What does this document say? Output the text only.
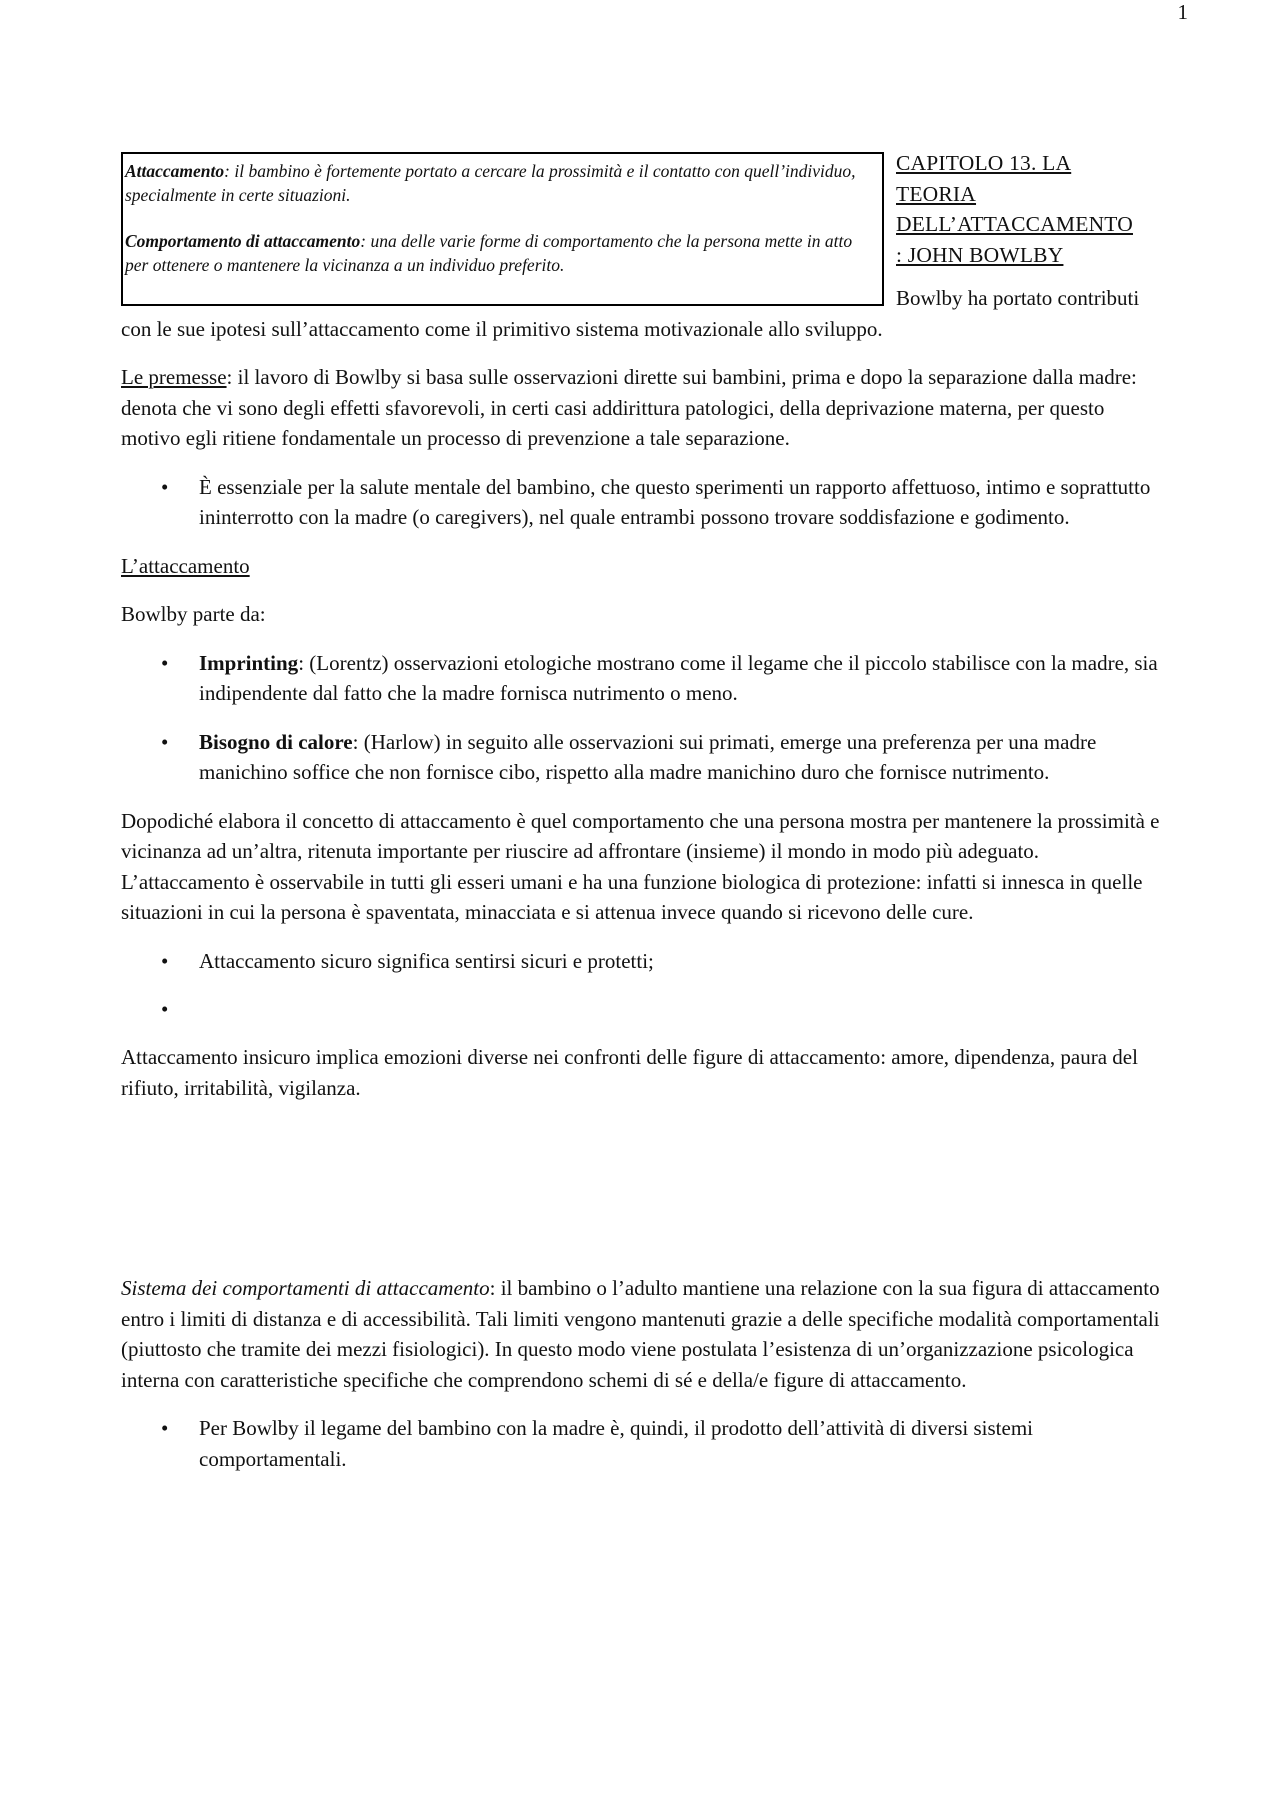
1

Attaccamento: il bambino è fortemente portato a cercare la prossimità e il contatto con quell’individuo, specialmente in certe situazioni.

Comportamento di attaccamento: una delle varie forme di comportamento che la persona mette in atto per ottenere o mantenere la vicinanza a un individuo preferito.

CAPITOLO 13. LA
TEORIA
DELL’ATTACCAMENTO
: JOHN BOWLBY

Bowlby ha portato contributi con le sue ipotesi sull’attaccamento come il primitivo sistema motivazionale allo sviluppo.

Le premesse: il lavoro di Bowlby si basa sulle osservazioni dirette sui bambini, prima e dopo la separazione dalla madre: denota che vi sono degli effetti sfavorevoli, in certi casi addirittura patologici, della deprivazione materna, per questo motivo egli ritiene fondamentale un processo di prevenzione a tale separazione.

• È essenziale per la salute mentale del bambino, che questo sperimenti un rapporto affettuoso, intimo e soprattutto ininterrotto con la madre (o caregivers), nel quale entrambi possono trovare soddisfazione e godimento.

L’attaccamento

Bowlby parte da:

• Imprinting: (Lorentz) osservazioni etologiche mostrano come il legame che il piccolo stabilisce con la madre, sia indipendente dal fatto che la madre fornisca nutrimento o meno.
• Bisogno di calore: (Harlow) in seguito alle osservazioni sui primati, emerge una preferenza per una madre manichino soffice che non fornisce cibo, rispetto alla madre manichino duro che fornisce nutrimento.

Dopodiché elabora il concetto di attaccamento è quel comportamento che una persona mostra per mantenere la prossimità e vicinanza ad un’altra, ritenuta importante per riuscire ad affrontare (insieme) il mondo in modo più adeguato. L’attaccamento è osservabile in tutti gli esseri umani e ha una funzione biologica di protezione: infatti si innesca in quelle situazioni in cui la persona è spaventata, minacciata e si attenua invece quando si ricevono delle cure.

• Attaccamento sicuro significa sentirsi sicuri e protetti;
•

Attaccamento insicuro implica emozioni diverse nei confronti delle figure di attaccamento: amore, dipendenza, paura del rifiuto, irritabilità, vigilanza.

Sistema dei comportamenti di attaccamento: il bambino o l’adulto mantiene una relazione con la sua figura di attaccamento entro i limiti di distanza e di accessibilità. Tali limiti vengono mantenuti grazie a delle specifiche modalità comportamentali (piuttosto che tramite dei mezzi fisiologici). In questo modo viene postulata l’esistenza di un’organizzazione psicologica interna con caratteristiche specifiche che comprendono schemi di sé e della/e figure di attaccamento.

• Per Bowlby il legame del bambino con la madre è, quindi, il prodotto dell’attività di diversi sistemi comportamentali.
